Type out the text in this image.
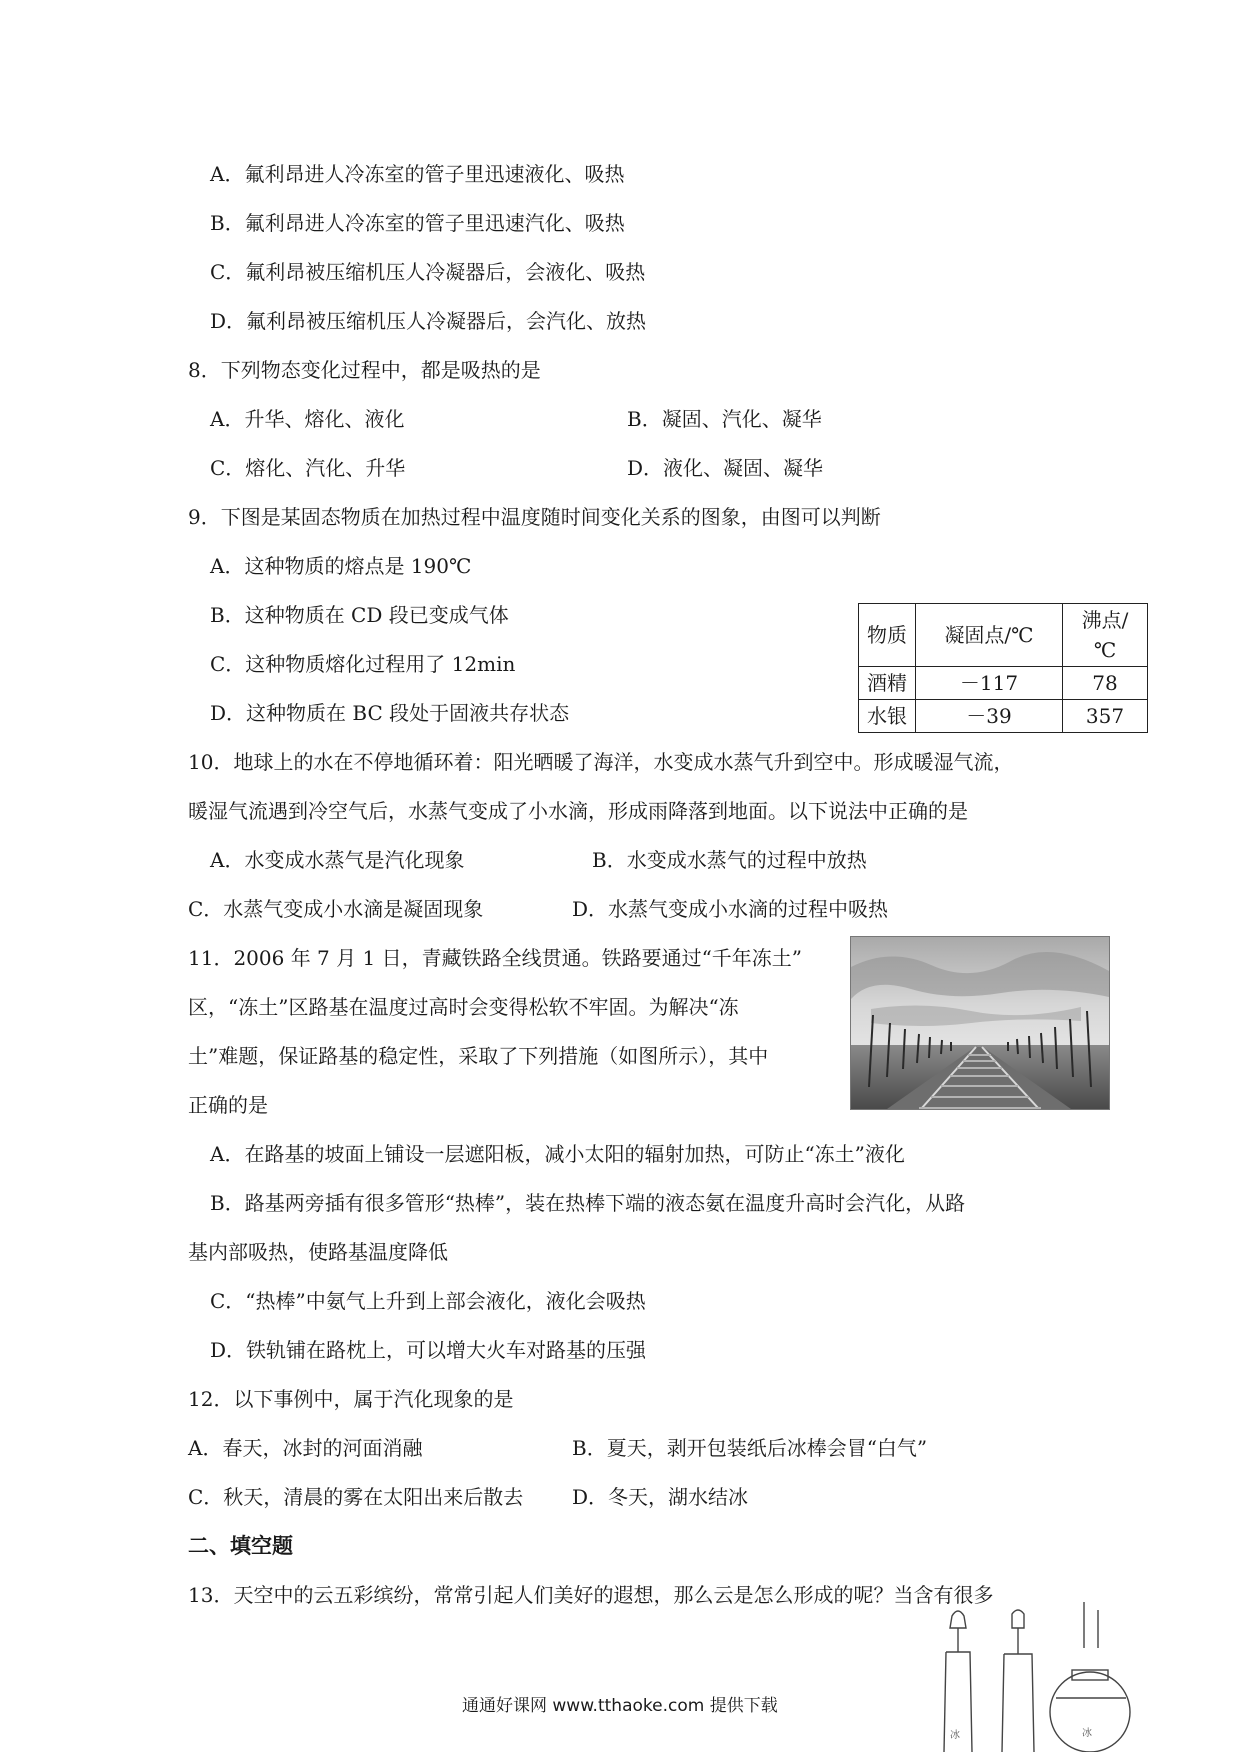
A．氟利昂进人冷冻室的管子里迅速液化、吸热
B．氟利昂进人冷冻室的管子里迅速汽化、吸热
C．氟利昂被压缩机压人冷凝器后，会液化、吸热
D．氟利昂被压缩机压人冷凝器后，会汽化、放热
8．下列物态变化过程中，都是吸热的是
A．升华、熔化、液化	B．凝固、汽化、凝华
C．熔化、汽化、升华	D．液化、凝固、凝华
9．下图是某固态物质在加热过程中温度随时间变化关系的图象，由图可以判断
A．这种物质的熔点是 190℃
B．这种物质在 CD 段已变成气体
C．这种物质熔化过程用了 12min
D．这种物质在 BC 段处于固液共存状态
物质	凝固点/℃	沸点/℃
酒精	－117	78
水银	－39	357
10．地球上的水在不停地循环着：阳光晒暖了海洋，水变成水蒸气升到空中。形成暖湿气流，
暖湿气流遇到冷空气后，水蒸气变成了小水滴，形成雨降落到地面。以下说法中正确的是
A．水变成水蒸气是汽化现象	B．水变成水蒸气的过程中放热
C．水蒸气变成小水滴是凝固现象	D．水蒸气变成小水滴的过程中吸热
11．2006 年 7 月 1 日，青藏铁路全线贯通。铁路要通过“千年冻土”
区，“冻土”区路基在温度过高时会变得松软不牢固。为解决“冻
土”难题，保证路基的稳定性，采取了下列措施（如图所示），其中
正确的是
A．在路基的坡面上铺设一层遮阳板，减小太阳的辐射加热，可防止“冻土”液化
B．路基两旁插有很多管形“热棒”，装在热棒下端的液态氨在温度升高时会汽化，从路
基内部吸热，使路基温度降低
C．“热棒”中氨气上升到上部会液化，液化会吸热
D．铁轨铺在路枕上，可以增大火车对路基的压强
12．以下事例中，属于汽化现象的是
A．春天，冰封的河面消融	B．夏天，剥开包装纸后冰棒会冒“白气”
C．秋天，清晨的雾在太阳出来后散去 D．冬天，湖水结冰
二、填空题
13．天空中的云五彩缤纷，常常引起人们美好的遐想，那么云是怎么形成的呢？当含有很多
通通好课网 www.tthaoke.com 提供下载
冰	冰
